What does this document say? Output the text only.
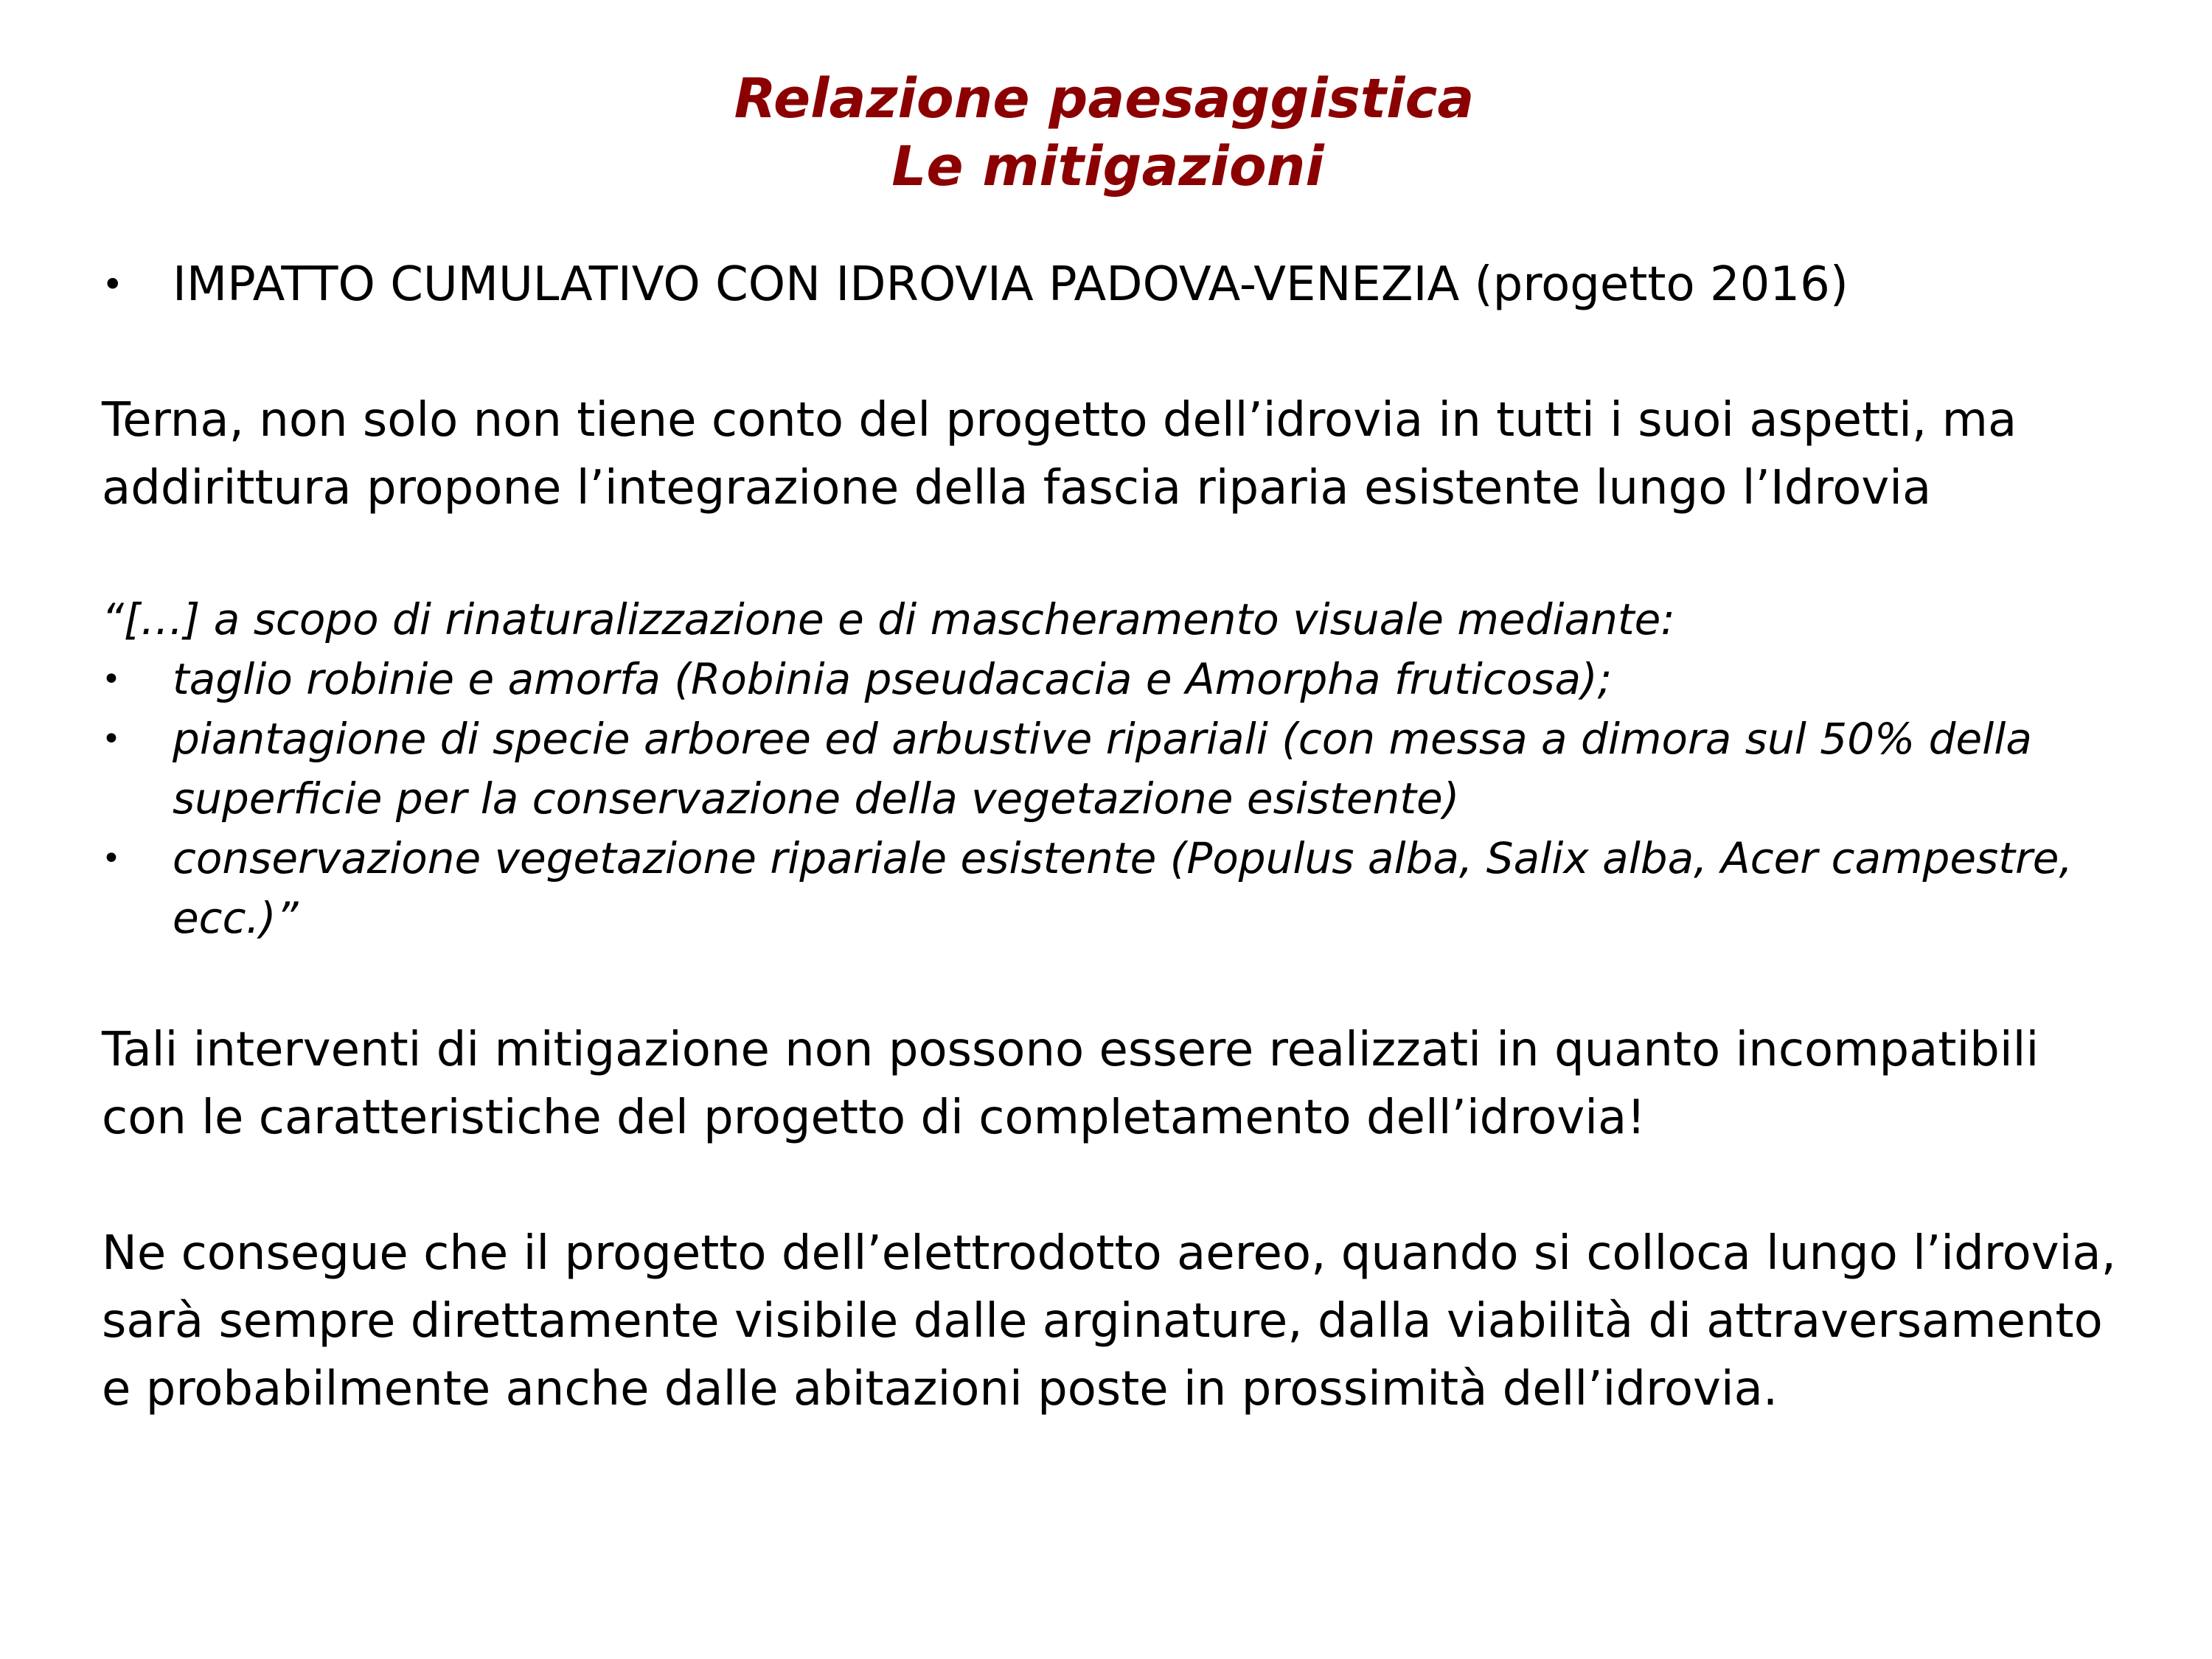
Relazione paesaggistica
Le mitigazioni
•	IMPATTO CUMULATIVO CON IDROVIA PADOVA-VENEZIA (progetto 2016)

Terna, non solo non tiene conto del progetto dell’idrovia in tutti i suoi aspetti, ma addirittura propone l’integrazione della fascia riparia esistente lungo l’Idrovia

“[…] a scopo di rinaturalizzazione e di mascheramento visuale mediante:
•	taglio robinie e amorfa (Robinia pseudacacia e Amorpha fruticosa);
•	piantagione di specie arboree ed arbustive ripariali (con messa a dimora sul 50% della superficie per la conservazione della vegetazione esistente)
•	conservazione vegetazione ripariale esistente (Populus alba, Salix alba, Acer campestre, ecc.)”

Tali interventi di mitigazione non possono essere realizzati in quanto incompatibili con le caratteristiche del progetto di completamento dell’idrovia!

Ne consegue che il progetto dell’elettrodotto aereo, quando si colloca lungo l’idrovia, sarà sempre direttamente visibile dalle arginature, dalla viabilità di attraversamento e probabilmente anche dalle abitazioni poste in prossimità dell’idrovia.
